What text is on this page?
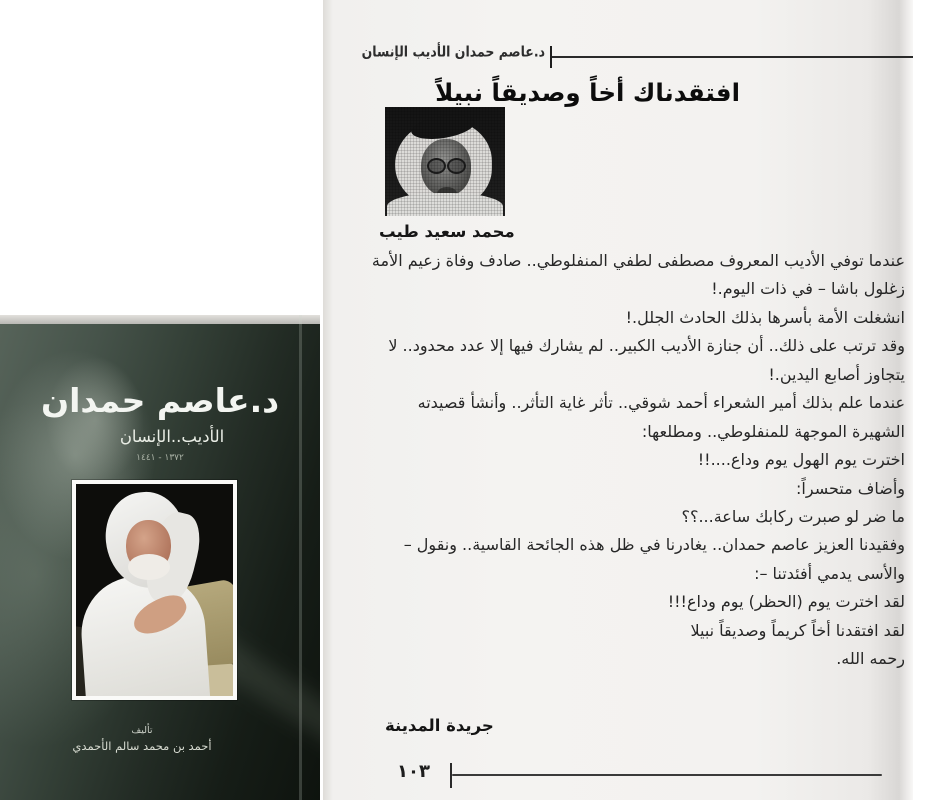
د.عاصم حمدان الأديب الإنسان
افتقدناك أخاً وصديقاً نبيلاً
محمد سعيد طيب
عندما توفي الأديب المعروف مصطفى لطفي المنفلوطي.. صادف وفاة زعيم الأمة
زغلول باشا – في ذات اليوم.!
انشغلت الأمة بأسرها بذلك الحادث الجلل.!
وقد ترتب على ذلك.. أن جنازة الأديب الكبير.. لم يشارك فيها إلا عدد محدود.. لا
يتجاوز أصابع اليدين.!
عندما علم بذلك أمير الشعراء أحمد شوقي.. تأثر غاية التأثر.. وأنشأ قصيدته
الشهيرة الموجهة للمنفلوطي.. ومطلعها:
اخترت يوم الهول يوم وداع....!!
وأضاف متحسراً:
ما ضر لو صبرت ركابك ساعة...؟؟
وفقيدنا العزيز عاصم حمدان.. يغادرنا في ظل هذه الجائحة القاسية.. ونقول –
والأسى يدمي أفئدتنا –:
لقد اخترت يوم (الحظر) يوم وداع!!!
لقد افتقدنا أخاً كريماً وصديقاً نبيلا
رحمه الله.
جريدة المدينة
١٠٣
د.عاصم حمدان
الأديب..الإنسان
١٣٧٢ - ١٤٤١
تأليف
أحمد بن محمد سالم الأحمدي
